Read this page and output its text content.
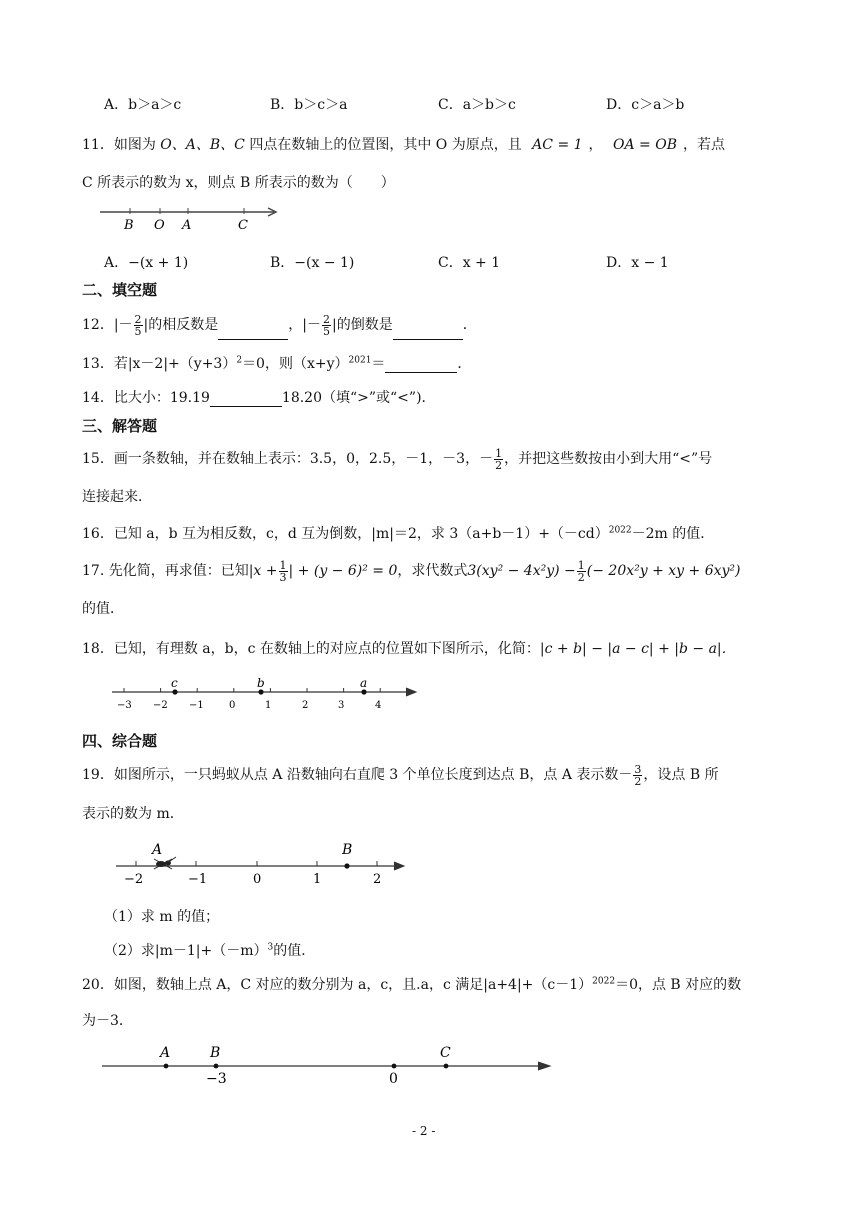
A．b＞a＞c	B．b＞c＞a	C．a＞b＞c	D．c＞a＞b
11．如图为 O、A、B、C 四点在数轴上的位置图，其中 O 为原点，且 AC = 1 ， OA = OB ，若点
C 所表示的数为 x，则点 B 所表示的数为（　　）
B O A	C
A．−(x + 1)	B．−(x − 1)	C．x + 1	D．x − 1
二、填空题
12．|－ $\frac{2}{5}$ |的相反数是	，|－ $\frac{2}{5}$ |的倒数是	．
13．若$|x-2|+(y+3)^2=0$，则$(x+y)^{2021}=$	．
14．比大小：19.19	18.20（填“>”或“<”)．
三、解答题
15．画一条数轴，并在数轴上表示：3.5，0，2.5，－1，－3，－ $\frac{1}{2}$ ，并把这些数按由小到大用“<”号
连接起来．
16．已知 a，b 互为相反数，c，d 互为倒数，|m|＝2，求 $3(a+b-1)+(-cd)^{2022}-2m$ 的值．
17. 先化简，再求值：已知$|x + \frac{1}{3}$ | + (y − 6)² = 0，求代数式$3(xy^2 - 4x^2y) - \frac{1}{2}$ (− 20x²y + xy + 6xy²)
的值．
18．已知，有理数 a，b，c 在数轴上的对应点的位置如下图所示，化简：|c + b| − |a − c| + |b − a|．
c	b	a
−3 −2 −1	0	1	2	3	4
四、综合题
19．如图所示，一只蚂蚁从点 A 沿数轴向右直爬 3 个单位长度到达点 B，点 A 表示数－ $\frac{3}{2}$ ，设点 B 所
表示的数为 m．
A	B
−2	−1	0	1	2
（1）求 m 的值；
（2）求$|m-1|+(-m)^3$的值．
20．如图，数轴上点 A，C 对应的数分别为 a，c，且.a，c 满足$|a+4|+(c-1)^{2022}=0$，点 B 对应的数
为－3．
A	B	C
−3	0
- 2 -
